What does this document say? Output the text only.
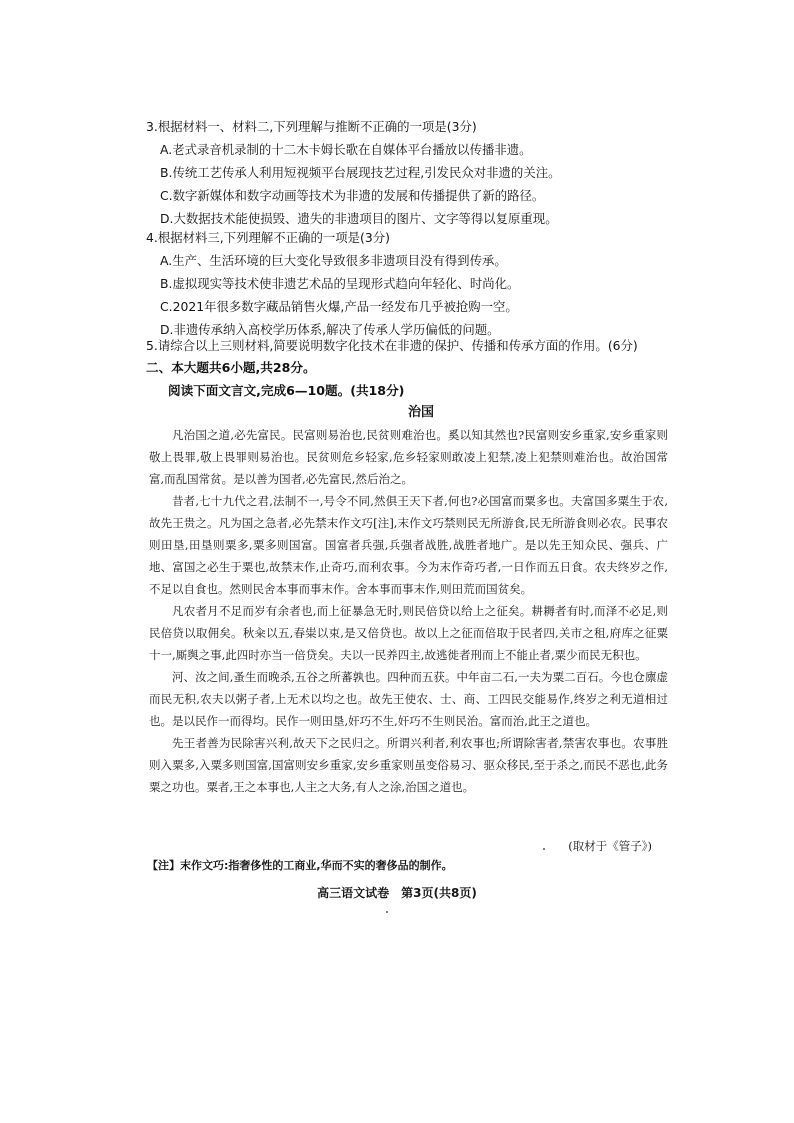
3.根据材料一、材料二,下列理解与推断不正确的一项是(3分)
A.老式录音机录制的十二木卡姆长歌在自媒体平台播放以传播非遗。
B.传统工艺传承人利用短视频平台展现技艺过程,引发民众对非遗的关注。
C.数字新媒体和数字动画等技术为非遗的发展和传播提供了新的路径。
D.大数据技术能使损毁、遗失的非遗项目的图片、文字等得以复原重现。
4.根据材料三,下列理解不正确的一项是(3分)
A.生产、生活环境的巨大变化导致很多非遗项目没有得到传承。
B.虚拟现实等技术使非遗艺术品的呈现形式趋向年轻化、时尚化。
C.2021年很多数字藏品销售火爆,产品一经发布几乎被抢购一空。
D.非遗传承纳入高校学历体系,解决了传承人学历偏低的问题。
5.请综合以上三则材料,简要说明数字化技术在非遗的保护、传播和传承方面的作用。(6分)
二、本大题共6小题,共28分。
阅读下面文言文,完成6—10题。(共18分)
治国

凡治国之道,必先富民。民富则易治也,民贫则难治也。奚以知其然也?民富则安乡重家,安乡重家则敬上畏罪,敬上畏罪则易治也。民贫则危乡轻家,危乡轻家则敢凌上犯禁,凌上犯禁则难治也。故治国常富,而乱国常贫。是以善为国者,必先富民,然后治之。

昔者,七十九代之君,法制不一,号令不同,然俱王天下者,何也?必国富而粟多也。夫富国多粟生于农,故先王贵之。凡为国之急者,必先禁末作文巧[注],末作文巧禁则民无所游食,民无所游食则必农。民事农则田垦,田垦则粟多,粟多则国富。国富者兵强,兵强者战胜,战胜者地广。是以先王知众民、强兵、广地、富国之必生于粟也,故禁末作,止奇巧,而利农事。今为末作奇巧者,一日作而五日食。农夫终岁之作,不足以自食也。然则民舍本事而事末作。舍本事而事末作,则田荒而国贫矣。

凡农者月不足而岁有余者也,而上征暴急无时,则民倍贷以给上之征矣。耕耨者有时,而泽不必足,则民倍贷以取佣矣。秋籴以五,春粜以束,是又倍贷也。故以上之征而倍取于民者四,关市之租,府库之征粟十一,厮舆之事,此四时亦当一倍贷矣。夫以一民养四主,故逃徙者刑而上不能止者,粟少而民无积也。

河、汝之间,蚤生而晚杀,五谷之所蕃孰也。四种而五获。中年亩二石,一夫为粟二百石。今也仓廪虚而民无积,农夫以粥子者,上无术以均之也。故先王使农、士、商、工四民交能易作,终岁之利无道相过也。是以民作一而得均。民作一则田垦,奸巧不生,奸巧不生则民治。富而治,此王之道也。

先王者善为民除害兴利,故天下之民归之。所谓兴利者,利农事也;所谓除害者,禁害农事也。农事胜则入粟多,入粟多则国富,国富则安乡重家,安乡重家则虽变俗易习、驱众移民,至于杀之,而民不恶也,此务粟之功也。粟者,王之本事也,人主之大务,有人之涂,治国之道也。

(取材于《管子》)
【注】末作文巧:指奢侈性的工商业,华而不实的奢侈品的制作。
高三语文试卷　第3页(共8页)
